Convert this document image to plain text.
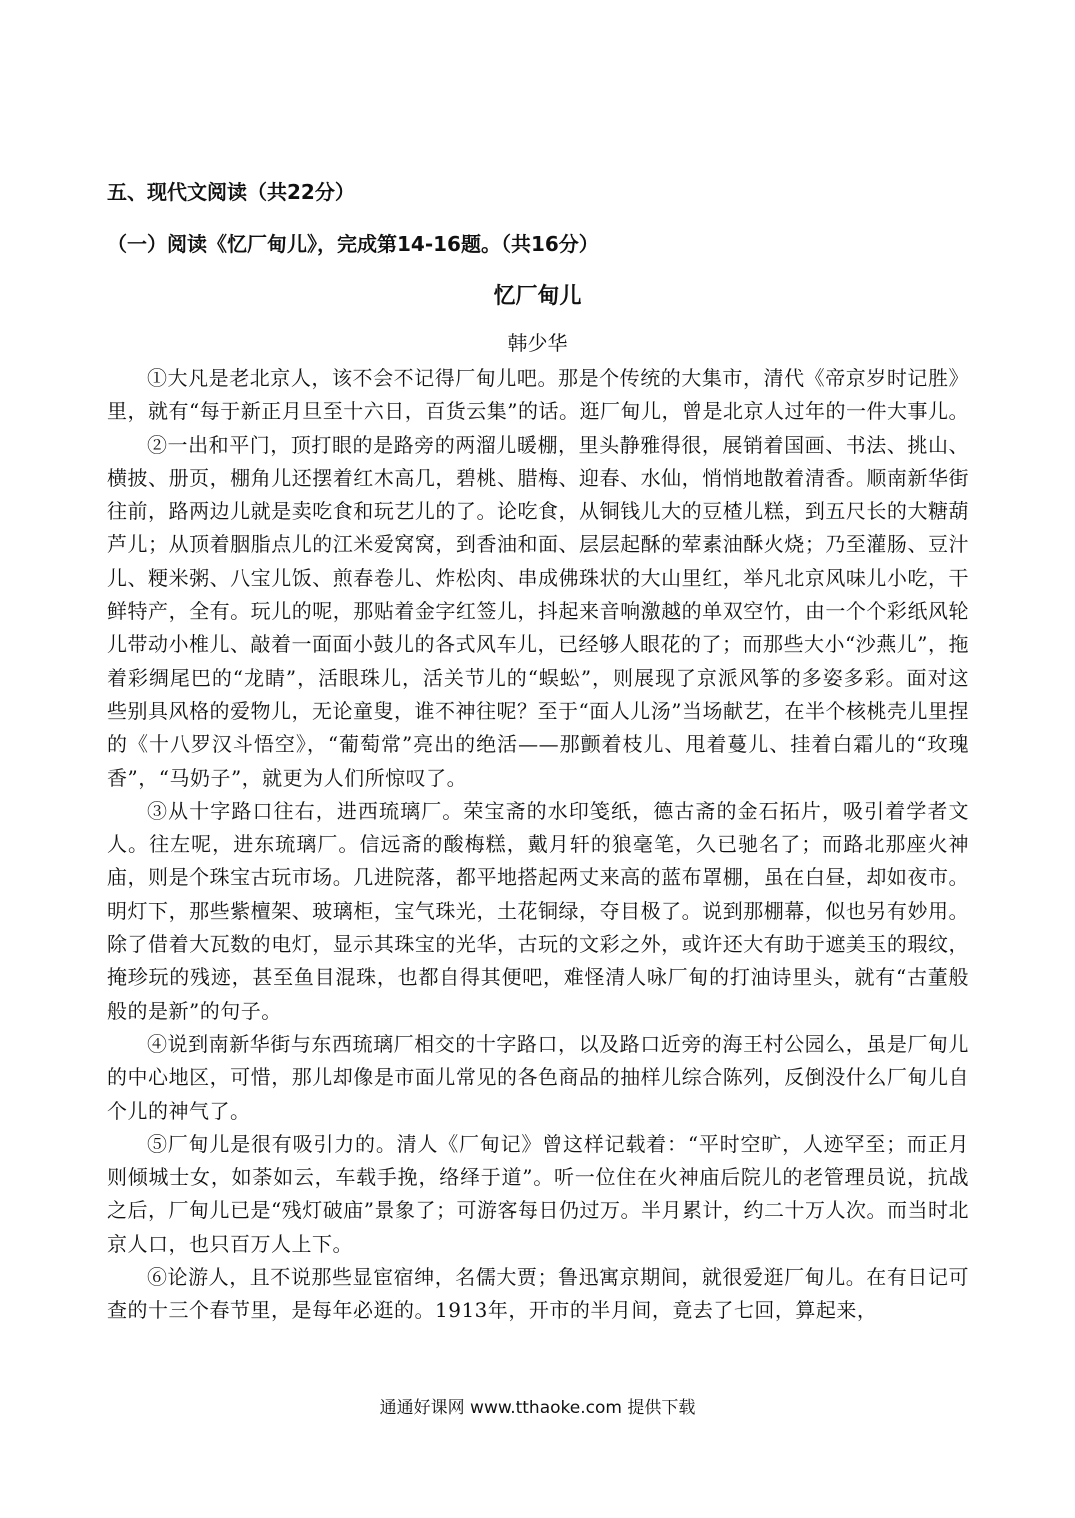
五、现代文阅读（共22分）
（一）阅读《忆厂甸儿》，完成第14-16题。（共16分）
忆厂甸儿
韩少华

①大凡是老北京人，该不会不记得厂甸儿吧。那是个传统的大集市，清代《帝京岁时记胜》里，就有“每于新正月旦至十六日，百货云集”的话。逛厂甸儿，曾是北京人过年的一件大事儿。

②一出和平门，顶打眼的是路旁的两溜儿暖棚，里头静雅得很，展销着国画、书法、挑山、横披、册页，棚角儿还摆着红木高几，碧桃、腊梅、迎春、水仙，悄悄地散着清香。顺南新华街往前，路两边儿就是卖吃食和玩艺儿的了。论吃食，从铜钱儿大的豆楂儿糕，到五尺长的大糖葫芦儿；从顶着胭脂点儿的江米爱窝窝，到香油和面、层层起酥的荤素油酥火烧；乃至灌肠、豆汁儿、粳米粥、八宝儿饭、煎春卷儿、炸松肉、串成佛珠状的大山里红，举凡北京风味儿小吃，干鲜特产，全有。玩儿的呢，那贴着金字红签儿，抖起来音响激越的单双空竹，由一个个彩纸风轮儿带动小椎儿、敲着一面面小鼓儿的各式风车儿，已经够人眼花的了；而那些大小“沙燕儿”，拖着彩绸尾巴的“龙睛”，活眼珠儿，活关节儿的“蜈蚣”，则展现了京派风筝的多姿多彩。面对这些别具风格的爱物儿，无论童叟，谁不神往呢？至于“面人儿汤”当场献艺，在半个核桃壳儿里捏的《十八罗汉斗悟空》，“葡萄常”亮出的绝活——那颤着枝儿、甩着蔓儿、挂着白霜儿的“玫瑰香”，“马奶子”，就更为人们所惊叹了。

③从十字路口往右，进西琉璃厂。荣宝斋的水印笺纸，德古斋的金石拓片，吸引着学者文人。往左呢，进东琉璃厂。信远斋的酸梅糕，戴月轩的狼毫笔，久已驰名了；而路北那座火神庙，则是个珠宝古玩市场。几进院落，都平地搭起两丈来高的蓝布罩棚，虽在白昼，却如夜市。明灯下，那些紫檀架、玻璃柜，宝气珠光，土花铜绿，夺目极了。说到那棚幕，似也另有妙用。除了借着大瓦数的电灯，显示其珠宝的光华，古玩的文彩之外，或许还大有助于遮美玉的瑕纹，掩珍玩的残迹，甚至鱼目混珠，也都自得其便吧，难怪清人咏厂甸的打油诗里头，就有“古董般般的是新”的句子。

④说到南新华街与东西琉璃厂相交的十字路口，以及路口近旁的海王村公园么，虽是厂甸儿的中心地区，可惜，那儿却像是市面儿常见的各色商品的抽样儿综合陈列，反倒没什么厂甸儿自个儿的神气了。

⑤厂甸儿是很有吸引力的。清人《厂甸记》曾这样记载着：“平时空旷，人迹罕至；而正月则倾城士女，如荼如云，车载手挽，络绎于道”。听一位住在火神庙后院儿的老管理员说，抗战之后，厂甸儿已是“残灯破庙”景象了；可游客每日仍过万。半月累计，约二十万人次。而当时北京人口，也只百万人上下。

⑥论游人，且不说那些显宦宿绅，名儒大贾；鲁迅寓京期间，就很爱逛厂甸儿。在有日记可查的十三个春节里，是每年必逛的。1913年，开市的半月间，竟去了七回，算起来，

通通好课网 www.tthaoke.com 提供下载
